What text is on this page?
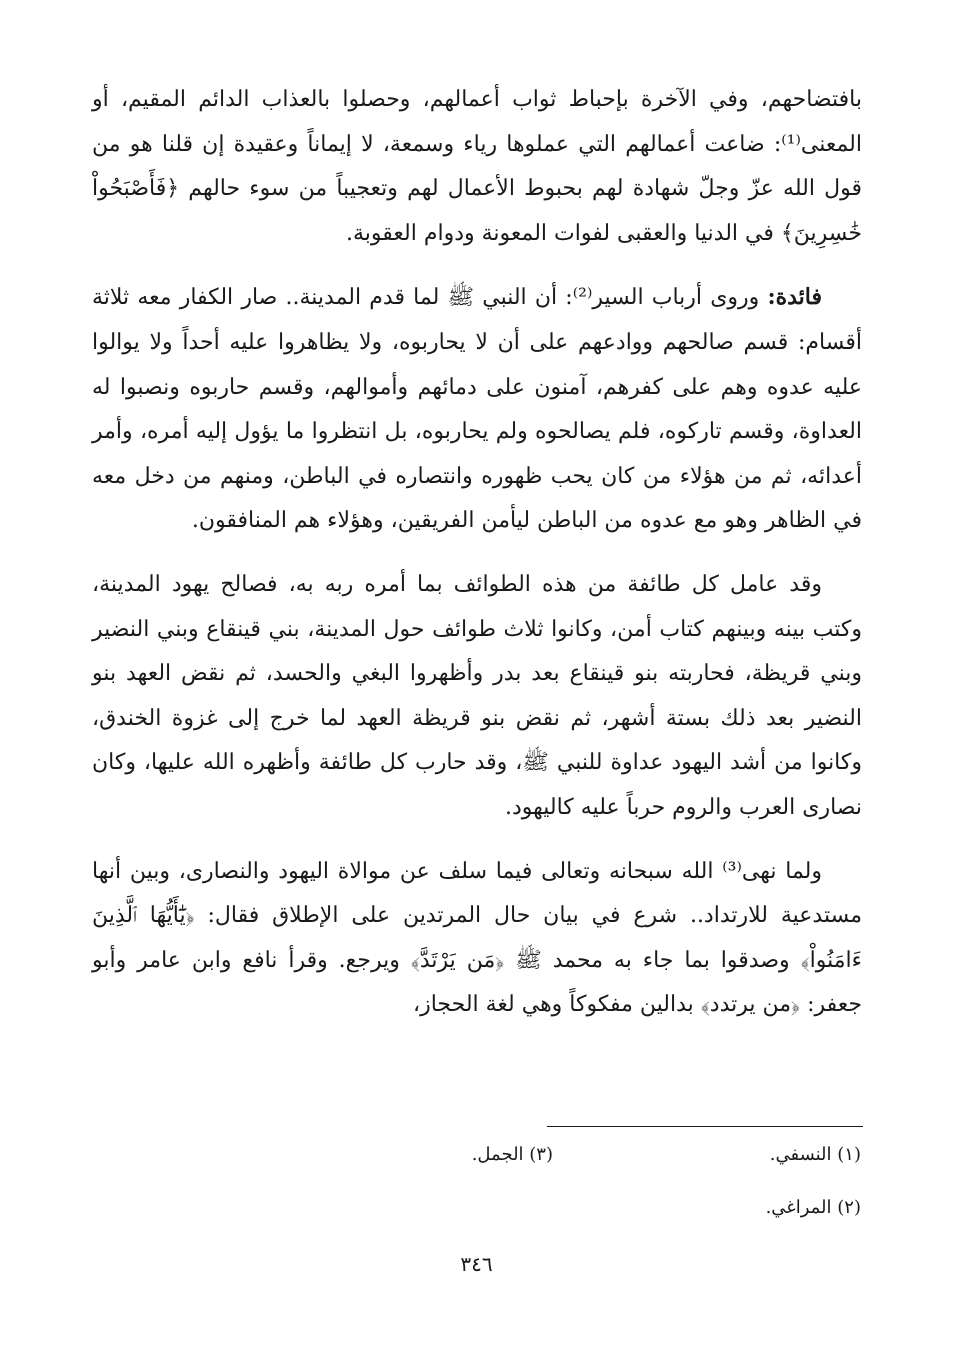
بافتضاحهم، وفي الآخرة بإحباط ثواب أعمالهم، وحصلوا بالعذاب الدائم المقيم، أو المعنى⁽¹⁾: ضاعت أعمالهم التي عملوها رياء وسمعة، لا إيماناً وعقيدة إن قلنا هو من قول الله عزّ وجلّ شهادة لهم بحبوط الأعمال لهم وتعجيباً من سوء حالهم ﴿فَأَصْبَحُواْ خَٰسِرِينَ﴾ في الدنيا والعقبى لفوات المعونة ودوام العقوبة.

فائدة: وروى أرباب السير⁽²⁾: أن النبي ﷺ لما قدم المدينة.. صار الكفار معه ثلاثة أقسام: قسم صالحهم ووادعهم على أن لا يحاربوه، ولا يظاهروا عليه أحداً ولا يوالوا عليه عدوه وهم على كفرهم، آمنون على دمائهم وأموالهم، وقسم حاربوه ونصبوا له العداوة، وقسم تاركوه، فلم يصالحوه ولم يحاربوه، بل انتظروا ما يؤول إليه أمره، وأمر أعدائه، ثم من هؤلاء من كان يحب ظهوره وانتصاره في الباطن، ومنهم من دخل معه في الظاهر وهو مع عدوه من الباطن ليأمن الفريقين، وهؤلاء هم المنافقون.

وقد عامل كل طائفة من هذه الطوائف بما أمره ربه به، فصالح يهود المدينة، وكتب بينه وبينهم كتاب أمن، وكانوا ثلاث طوائف حول المدينة، بني قينقاع وبني النضير وبني قريظة، فحاربته بنو قينقاع بعد بدر وأظهروا البغي والحسد، ثم نقض العهد بنو النضير بعد ذلك بستة أشهر، ثم نقض بنو قريظة العهد لما خرج إلى غزوة الخندق، وكانوا من أشد اليهود عداوة للنبي ﷺ، وقد حارب كل طائفة وأظهره الله عليها، وكان نصارى العرب والروم حرباً عليه كاليهود.

ولما نهى⁽³⁾ الله سبحانه وتعالى فيما سلف عن موالاة اليهود والنصارى، وبين أنها مستدعية للارتداد.. شرع في بيان حال المرتدين على الإطلاق فقال: ﴿يَٰٓأَيُّهَا ٱلَّذِينَ ءَامَنُواْ﴾ وصدقوا بما جاء به محمد ﷺ ﴿مَن يَرْتَدَّ﴾ ويرجع. وقرأ نافع وابن عامر وأبو جعفر: ﴿من يرتدد﴾ بدالين مفكوكاً وهي لغة الحجاز،

(١) النسفي.
(٣) الجمل.
(٢) المراغي.
٣٤٦
